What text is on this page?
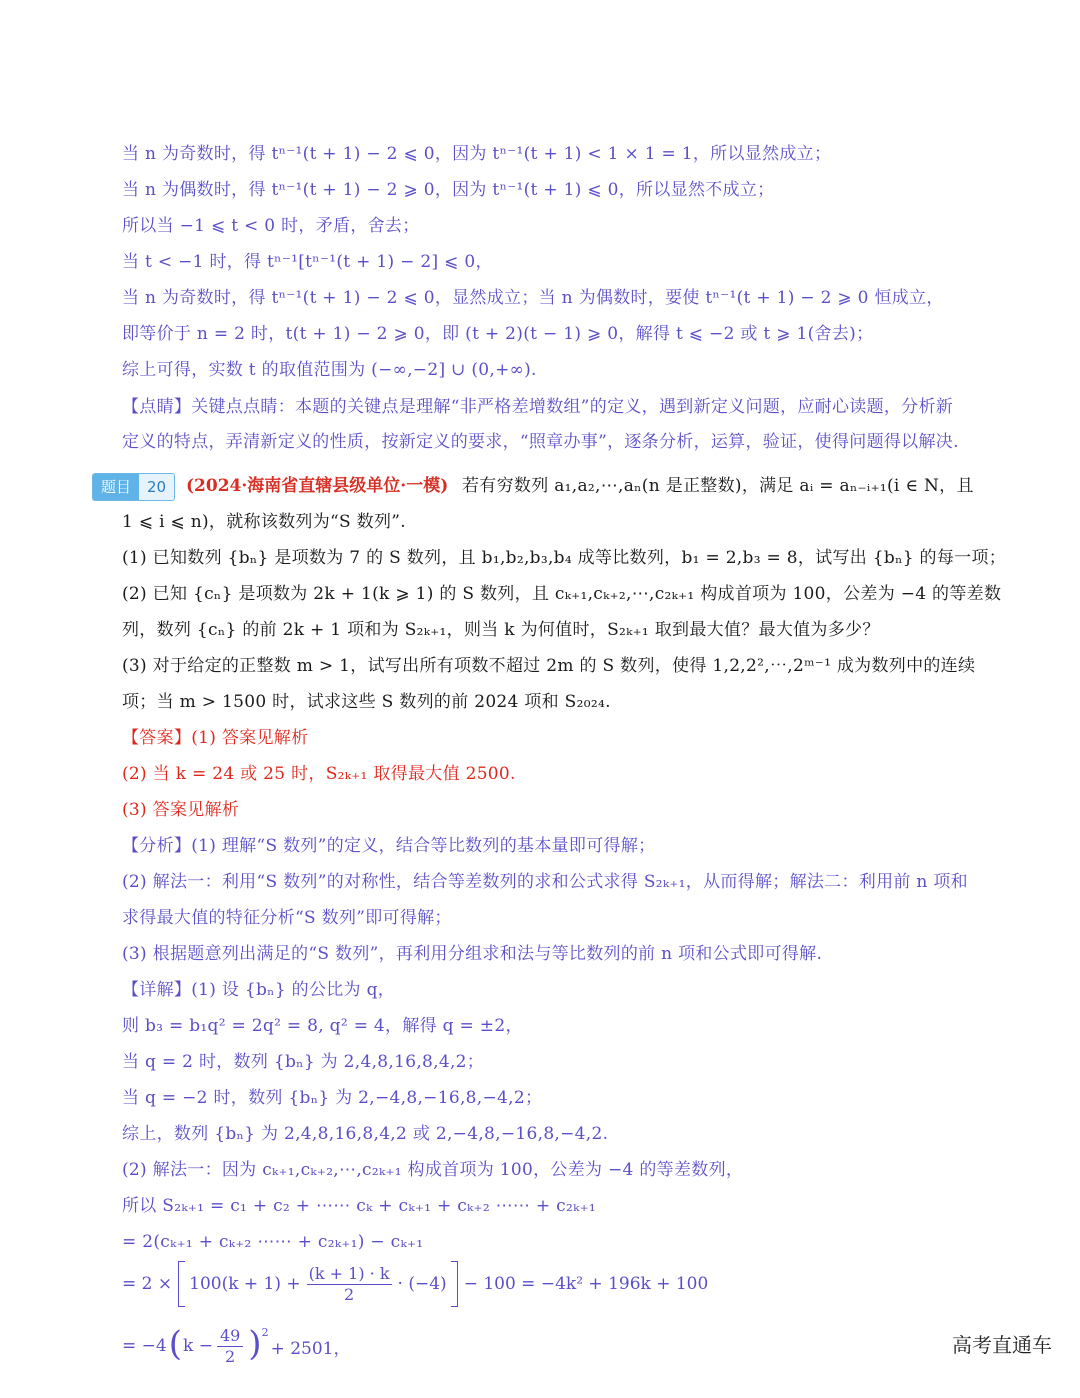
当 n 为奇数时，得 tⁿ⁻¹(t + 1) − 2 ⩽ 0，因为 tⁿ⁻¹(t + 1) < 1 × 1 = 1，所以显然成立；
当 n 为偶数时，得 tⁿ⁻¹(t + 1) − 2 ⩾ 0，因为 tⁿ⁻¹(t + 1) ⩽ 0，所以显然不成立；
所以当 −1 ⩽ t < 0 时，矛盾，舍去；
当 t < −1 时，得 tⁿ⁻¹[tⁿ⁻¹(t + 1) − 2] ⩽ 0，
当 n 为奇数时，得 tⁿ⁻¹(t + 1) − 2 ⩽ 0，显然成立；当 n 为偶数时，要使 tⁿ⁻¹(t + 1) − 2 ⩾ 0 恒成立，
即等价于 n = 2 时，t(t + 1) − 2 ⩾ 0，即 (t + 2)(t − 1) ⩾ 0，解得 t ⩽ −2 或 t ⩾ 1(舍去)；
综上可得，实数 t 的取值范围为 (−∞,−2] ∪ (0,+∞).
【点睛】关键点点睛：本题的关键点是理解“非严格差增数组”的定义，遇到新定义问题，应耐心读题，分析新
定义的特点，弄清新定义的性质，按新定义的要求，“照章办事”，逐条分析，运算，验证，使得问题得以解决.
题目	20	(2024·海南省直辖县级单位·一模) 若有穷数列 a₁,a₂,⋯,aₙ(n 是正整数)，满足 aᵢ = aₙ₋ᵢ₊₁(i ∈ N，且
1 ⩽ i ⩽ n)，就称该数列为“S 数列”.
(1) 已知数列 {bₙ} 是项数为 7 的 S 数列，且 b₁,b₂,b₃,b₄ 成等比数列，b₁ = 2,b₃ = 8，试写出 {bₙ} 的每一项；
(2) 已知 {cₙ} 是项数为 2k + 1(k ⩾ 1) 的 S 数列，且 cₖ₊₁,cₖ₊₂,⋯,c₂ₖ₊₁ 构成首项为 100，公差为 −4 的等差数
列，数列 {cₙ} 的前 2k + 1 项和为 S₂ₖ₊₁，则当 k 为何值时，S₂ₖ₊₁ 取到最大值？最大值为多少？
(3) 对于给定的正整数 m > 1，试写出所有项数不超过 2m 的 S 数列，使得 1,2,2²,⋯,2ᵐ⁻¹ 成为数列中的连续
项；当 m > 1500 时，试求这些 S 数列的前 2024 项和 S₂₀₂₄.
【答案】(1) 答案见解析
(2) 当 k = 24 或 25 时，S₂ₖ₊₁ 取得最大值 2500.
(3) 答案见解析
【分析】(1) 理解“S 数列”的定义，结合等比数列的基本量即可得解；
(2) 解法一：利用“S 数列”的对称性，结合等差数列的求和公式求得 S₂ₖ₊₁，从而得解；解法二：利用前 n 项和
求得最大值的特征分析“S 数列”即可得解；
(3) 根据题意列出满足的“S 数列”，再利用分组求和法与等比数列的前 n 项和公式即可得解.
【详解】(1) 设 {bₙ} 的公比为 q，
则 b₃ = b₁q² = 2q² = 8, q² = 4，解得 q = ±2，
当 q = 2 时，数列 {bₙ} 为 2,4,8,16,8,4,2；
当 q = −2 时，数列 {bₙ} 为 2,−4,8,−16,8,−4,2；
综上，数列 {bₙ} 为 2,4,8,16,8,4,2 或 2,−4,8,−16,8,−4,2.
(2) 解法一：因为 cₖ₊₁,cₖ₊₂,⋯,c₂ₖ₊₁ 构成首项为 100，公差为 −4 的等差数列，
所以 S₂ₖ₊₁ = c₁ + c₂ + ⋯⋯ cₖ + cₖ₊₁ + cₖ₊₂ ⋯⋯ + c₂ₖ₊₁
= 2(cₖ₊₁ + cₖ₊₂ ⋯⋯ + c₂ₖ₊₁) − cₖ₊₁
= $2 \times 100(k + 1) + \frac{(k + 1) \cdot k}{2} \cdot (-4) - 100 = -4k^2 + 196k + 100$
= −4 ( $k - \frac{49}{2}$ ) 2
+ 2501，	高考直通车
